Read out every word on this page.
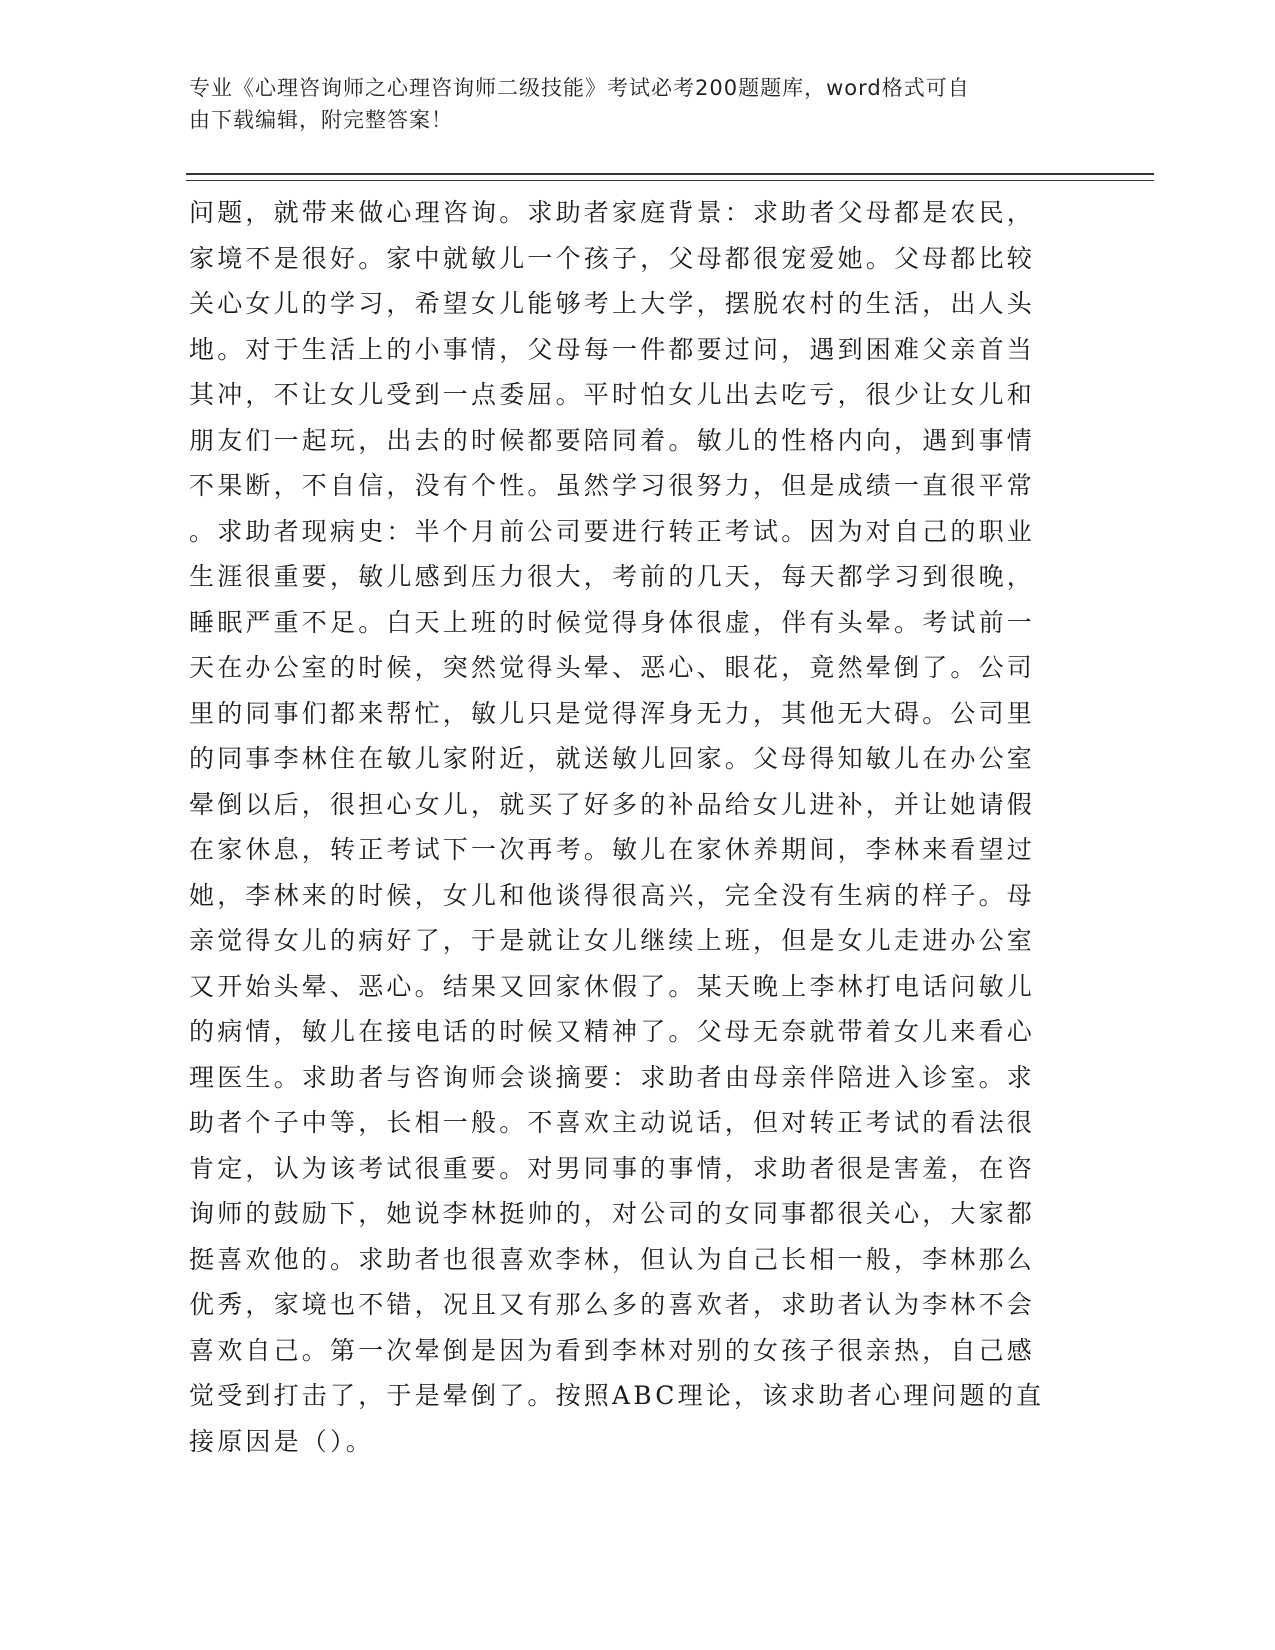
专业《心理咨询师之心理咨询师二级技能》考试必考200题题库，word格式可自
由下载编辑，附完整答案！
问题，就带来做心理咨询。求助者家庭背景：求助者父母都是农民，
家境不是很好。家中就敏儿一个孩子，父母都很宠爱她。父母都比较
关心女儿的学习，希望女儿能够考上大学，摆脱农村的生活，出人头
地。对于生活上的小事情，父母每一件都要过问，遇到困难父亲首当
其冲，不让女儿受到一点委屈。平时怕女儿出去吃亏，很少让女儿和
朋友们一起玩，出去的时候都要陪同着。敏儿的性格内向，遇到事情
不果断，不自信，没有个性。虽然学习很努力，但是成绩一直很平常
。求助者现病史：半个月前公司要进行转正考试。因为对自己的职业
生涯很重要，敏儿感到压力很大，考前的几天，每天都学习到很晚，
睡眠严重不足。白天上班的时候觉得身体很虚，伴有头晕。考试前一
天在办公室的时候，突然觉得头晕、恶心、眼花，竟然晕倒了。公司
里的同事们都来帮忙，敏儿只是觉得浑身无力，其他无大碍。公司里
的同事李林住在敏儿家附近，就送敏儿回家。父母得知敏儿在办公室
晕倒以后，很担心女儿，就买了好多的补品给女儿进补，并让她请假
在家休息，转正考试下一次再考。敏儿在家休养期间，李林来看望过
她，李林来的时候，女儿和他谈得很高兴，完全没有生病的样子。母
亲觉得女儿的病好了，于是就让女儿继续上班，但是女儿走进办公室
又开始头晕、恶心。结果又回家休假了。某天晚上李林打电话问敏儿
的病情，敏儿在接电话的时候又精神了。父母无奈就带着女儿来看心
理医生。求助者与咨询师会谈摘要：求助者由母亲伴陪进入诊室。求
助者个子中等，长相一般。不喜欢主动说话，但对转正考试的看法很
肯定，认为该考试很重要。对男同事的事情，求助者很是害羞，在咨
询师的鼓励下，她说李林挺帅的，对公司的女同事都很关心，大家都
挺喜欢他的。求助者也很喜欢李林，但认为自己长相一般，李林那么
优秀，家境也不错，况且又有那么多的喜欢者，求助者认为李林不会
喜欢自己。第一次晕倒是因为看到李林对别的女孩子很亲热，自己感
觉受到打击了，于是晕倒了。按照ABC理论，该求助者心理问题的直
接原因是（）。
